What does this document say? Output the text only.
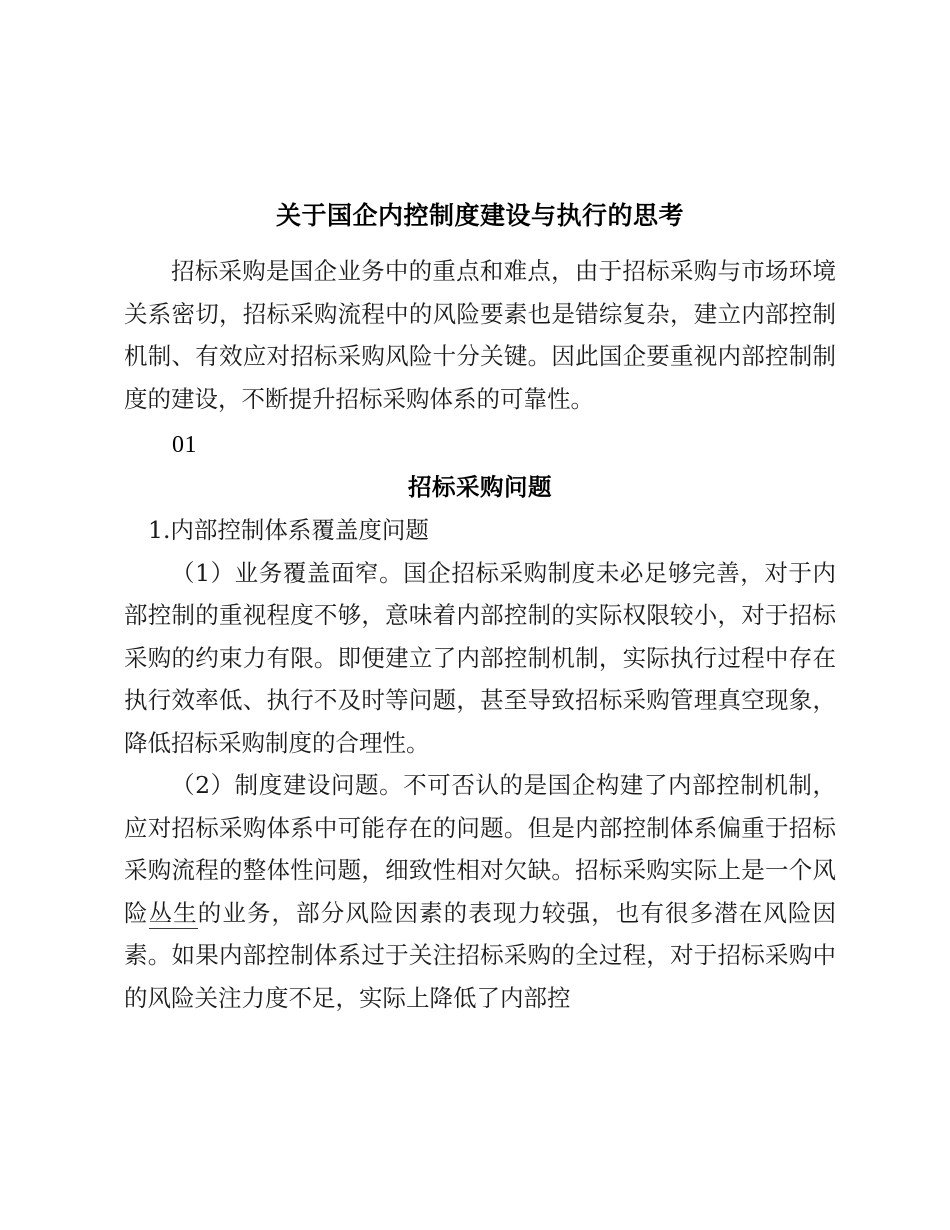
关于国企内控制度建设与执行的思考

招标采购是国企业务中的重点和难点，由于招标采购与市场环境关系密切，招标采购流程中的风险要素也是错综复杂，建立内部控制机制、有效应对招标采购风险十分关键。因此国企要重视内部控制制度的建设，不断提升招标采购体系的可靠性。

01

招标采购问题

1.内部控制体系覆盖度问题

（1）业务覆盖面窄。国企招标采购制度未必足够完善，对于内部控制的重视程度不够，意味着内部控制的实际权限较小，对于招标采购的约束力有限。即便建立了内部控制机制，实际执行过程中存在执行效率低、执行不及时等问题，甚至导致招标采购管理真空现象，降低招标采购制度的合理性。

（2）制度建设问题。不可否认的是国企构建了内部控制机制，应对招标采购体系中可能存在的问题。但是内部控制体系偏重于招标采购流程的整体性问题，细致性相对欠缺。招标采购实际上是一个风险丛生的业务，部分风险因素的表现力较强，也有很多潜在风险因素。如果内部控制体系过于关注招标采购的全过程，对于招标采购中的风险关注力度不足，实际上降低了内部控
